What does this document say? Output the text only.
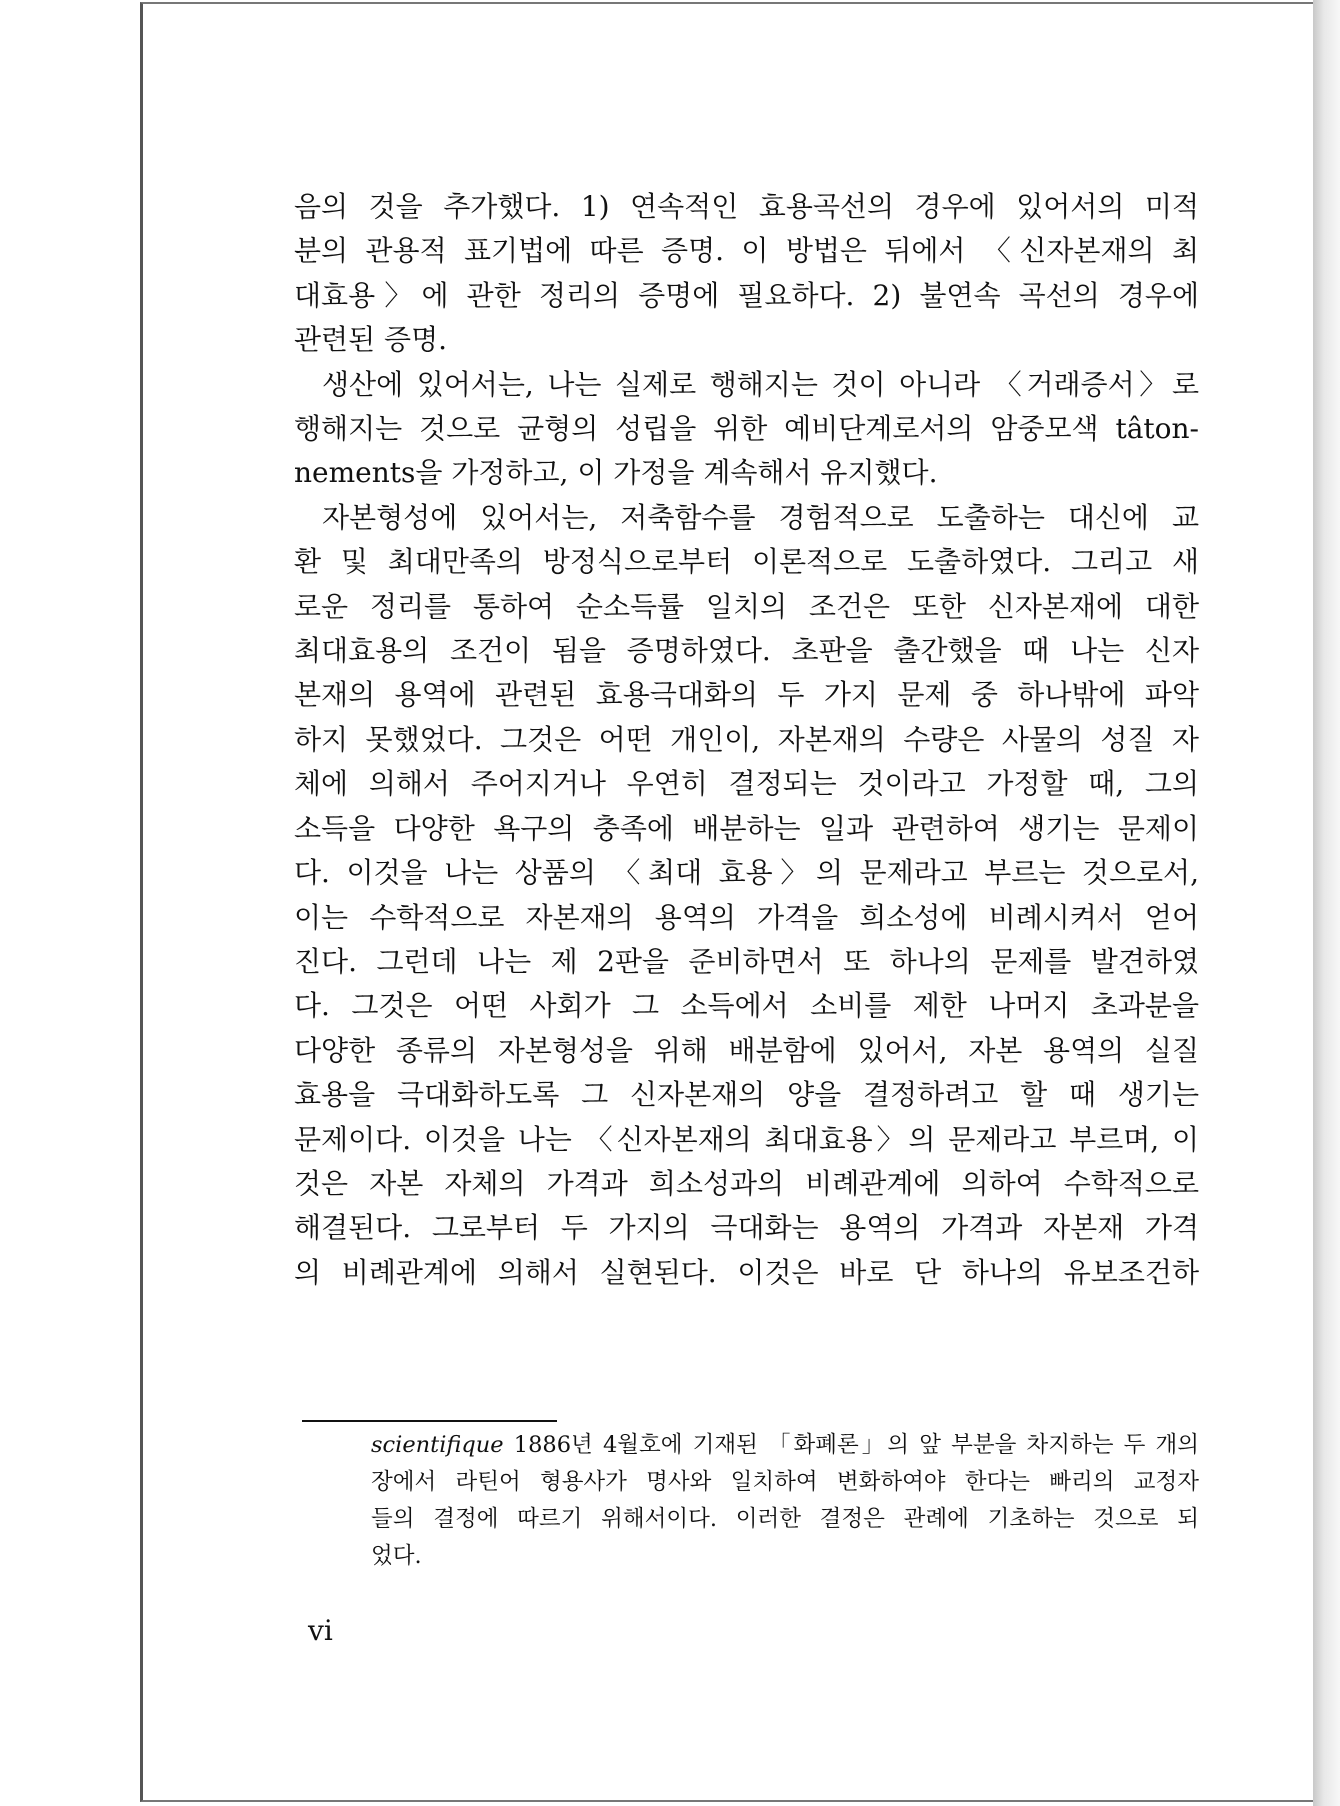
음의 것을 추가했다. 1) 연속적인 효용곡선의 경우에 있어서의 미적
분의 관용적 표기법에 따른 증명. 이 방법은 뒤에서 〈신자본재의 최
대효용〉에 관한 정리의 증명에 필요하다. 2) 불연속 곡선의 경우에
관련된 증명.
생산에 있어서는, 나는 실제로 행해지는 것이 아니라 〈거래증서〉로
행해지는 것으로 균형의 성립을 위한 예비단계로서의 암중모색 tâton-
nements을 가정하고, 이 가정을 계속해서 유지했다.
자본형성에 있어서는, 저축함수를 경험적으로 도출하는 대신에 교
환 및 최대만족의 방정식으로부터 이론적으로 도출하였다. 그리고 새
로운 정리를 통하여 순소득률 일치의 조건은 또한 신자본재에 대한
최대효용의 조건이 됨을 증명하였다. 초판을 출간했을 때 나는 신자
본재의 용역에 관련된 효용극대화의 두 가지 문제 중 하나밖에 파악
하지 못했었다. 그것은 어떤 개인이, 자본재의 수량은 사물의 성질 자
체에 의해서 주어지거나 우연히 결정되는 것이라고 가정할 때, 그의
소득을 다양한 욕구의 충족에 배분하는 일과 관련하여 생기는 문제이
다. 이것을 나는 상품의 〈최대 효용〉의 문제라고 부르는 것으로서,
이는 수학적으로 자본재의 용역의 가격을 희소성에 비례시켜서 얻어
진다. 그런데 나는 제 2판을 준비하면서 또 하나의 문제를 발견하였
다. 그것은 어떤 사회가 그 소득에서 소비를 제한 나머지 초과분을
다양한 종류의 자본형성을 위해 배분함에 있어서, 자본 용역의 실질
효용을 극대화하도록 그 신자본재의 양을 결정하려고 할 때 생기는
문제이다. 이것을 나는 〈신자본재의 최대효용〉의 문제라고 부르며, 이
것은 자본 자체의 가격과 희소성과의 비례관계에 의하여 수학적으로
해결된다. 그로부터 두 가지의 극대화는 용역의 가격과 자본재 가격
의 비례관계에 의해서 실현된다. 이것은 바로 단 하나의 유보조건하
scientifique 1886년 4월호에 기재된 「화폐론」의 앞 부분을 차지하는 두 개의
장에서 라틴어 형용사가 명사와 일치하여 변화하여야 한다는 빠리의 교정자
들의 결정에 따르기 위해서이다. 이러한 결정은 관례에 기초하는 것으로 되
었다.
vi
